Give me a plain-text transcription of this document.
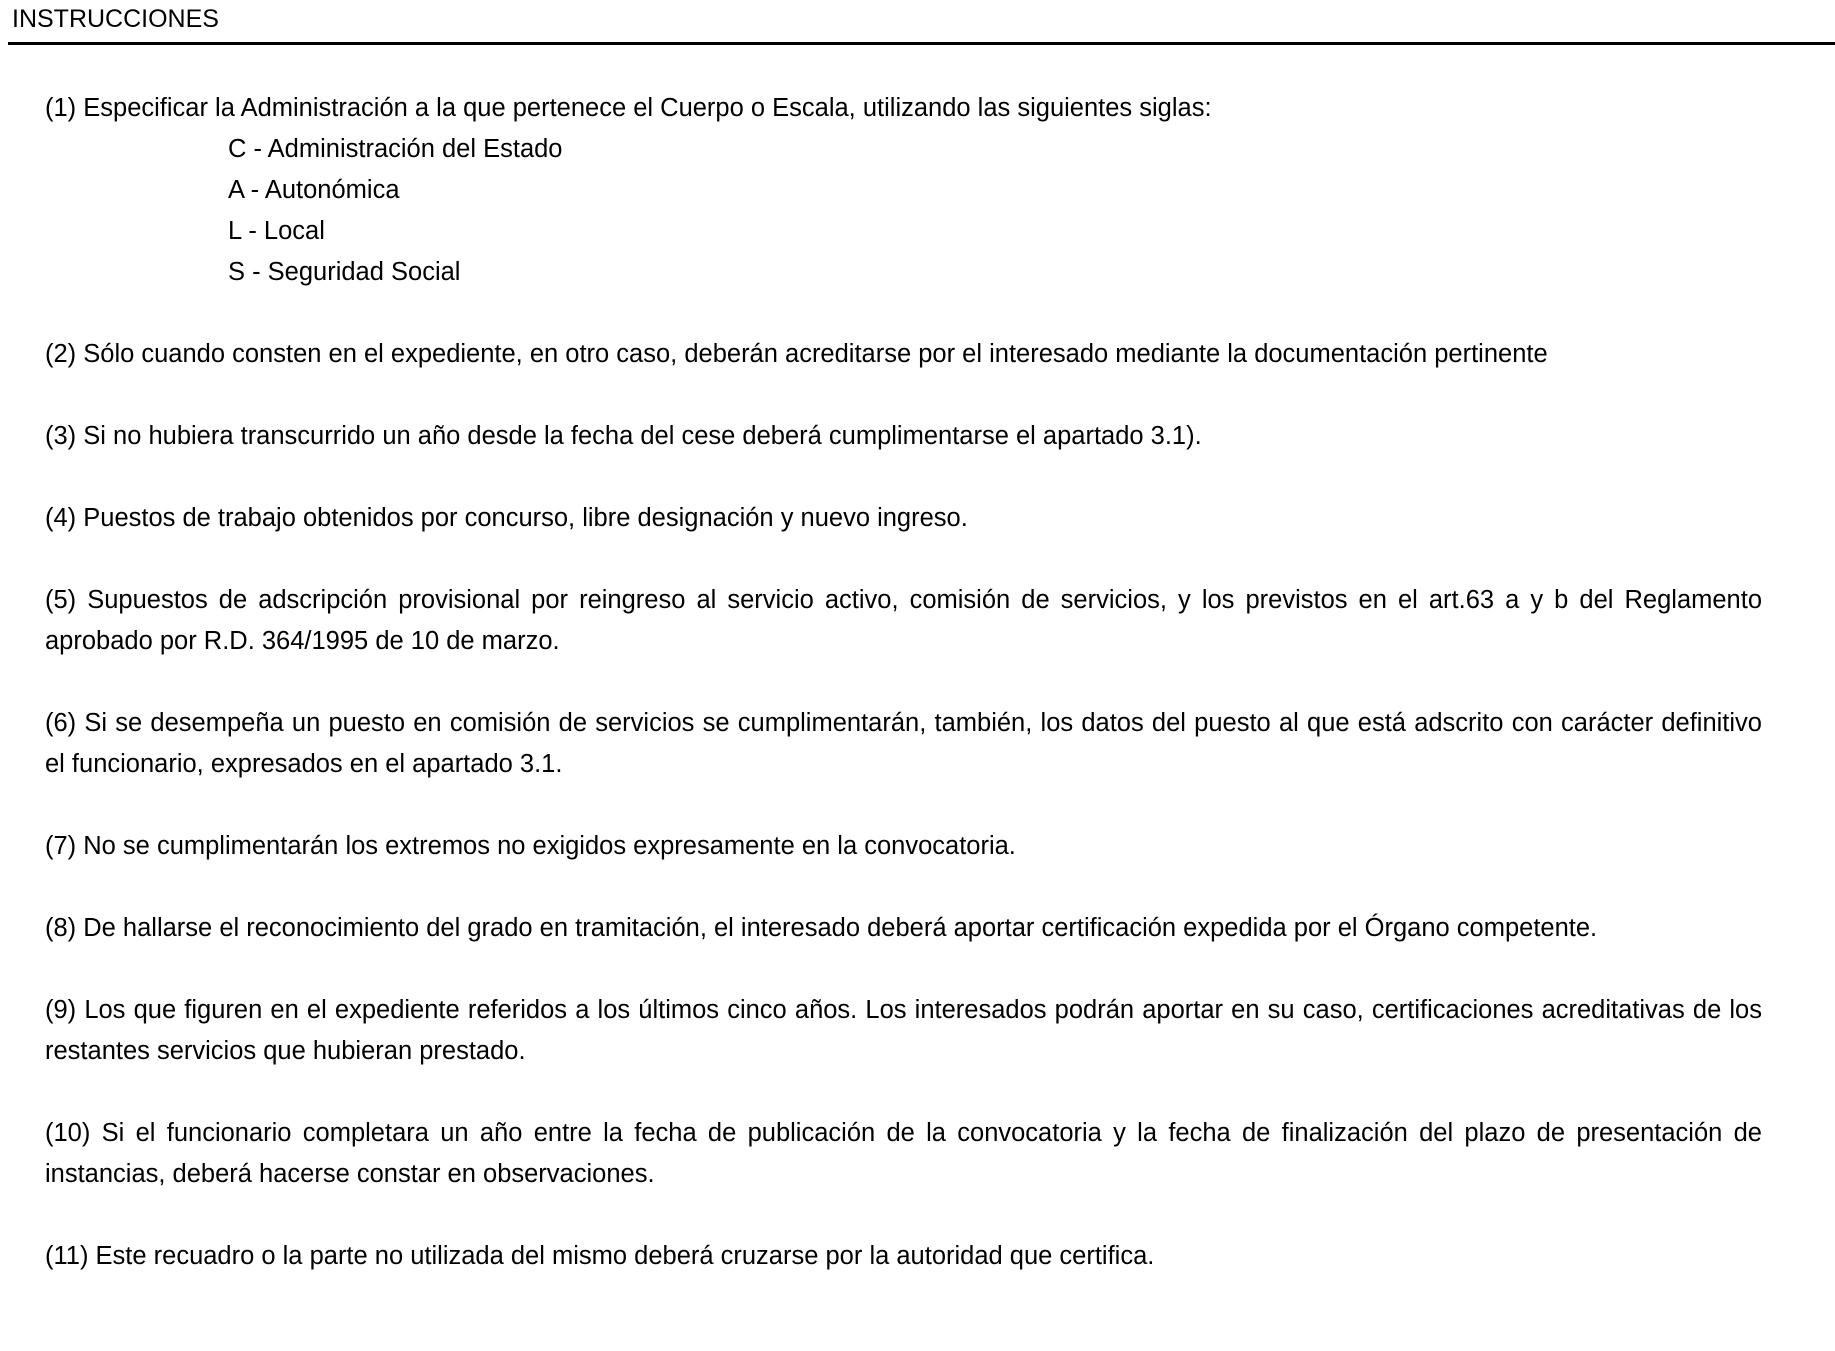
INSTRUCCIONES
(1) Especificar la Administración a la que pertenece el Cuerpo o Escala, utilizando las siguientes siglas:
C - Administración del Estado
A - Autonómica
L - Local
S - Seguridad Social
(2) Sólo cuando consten en el expediente, en otro caso, deberán acreditarse por el interesado mediante la documentación pertinente
(3) Si no hubiera transcurrido un año desde la fecha del cese deberá cumplimentarse el apartado 3.1).
(4) Puestos de trabajo obtenidos por concurso, libre designación y nuevo ingreso.
(5) Supuestos de adscripción provisional por reingreso al servicio activo, comisión de servicios, y los previstos en el art.63 a y b del Reglamento aprobado por R.D. 364/1995 de 10 de marzo.
(6) Si se desempeña un puesto en comisión de servicios se cumplimentarán, también, los datos del puesto al que está adscrito con carácter definitivo el funcionario, expresados en el apartado 3.1.
(7) No se cumplimentarán los extremos no exigidos expresamente en la convocatoria.
(8) De hallarse el reconocimiento del grado en tramitación, el interesado deberá aportar certificación expedida por el Órgano competente.
(9) Los que figuren en el expediente referidos a los últimos cinco años. Los interesados podrán aportar en su caso, certificaciones acreditativas de los restantes servicios que hubieran prestado.
(10) Si el funcionario completara un año entre la fecha de publicación de la convocatoria y la fecha de finalización del plazo de presentación de instancias, deberá hacerse constar en observaciones.
(11) Este recuadro o la parte no utilizada del mismo deberá cruzarse por la autoridad que certifica.
